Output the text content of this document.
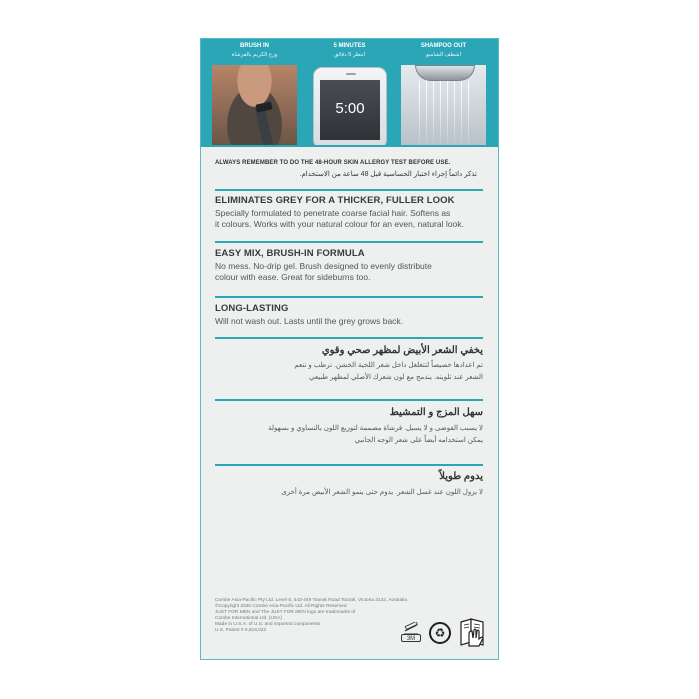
BRUSH IN
وزع الكريم بالفرشاة
5 MINUTES
انتظر 5 دقائق
SHAMPOO OUT
اشطف الشامبو
5:00
ALWAYS REMEMBER TO DO THE 48-HOUR SKIN ALLERGY TEST BEFORE USE.
تذكر دائماً إجراء اختبار الحساسية قبل 48 ساعة من الاستخدام.
ELIMINATES GREY FOR A THICKER, FULLER LOOK
Specially formulated to penetrate coarse facial hair. Softens as
it colours. Works with your natural colour for an even, natural look.
EASY MIX, BRUSH-IN FORMULA
No mess. No-drip gel. Brush designed to evenly distribute
colour with ease. Great for sideburns too.
LONG-LASTING
Will not wash out. Lasts until the grey grows back.
يخفي الشعر الأبيض لمظهر صحي وقوي
تم اعدادها خصيصاً لتتغلغل داخل شعر اللحية الخشن. ترطب و تنعم
الشعر عند تلوينه. يندمج مع لون شعرك الأصلي لمظهر طبيعي
سهل المزج و التمشيط
لا يسبب الفوضى و لا يسيل. فرشاة مصممة لتوزيع اللون بالتساوي و بسهولة
يمكن استخدامه أيضاً على شعر الوجه الجانبي
يدوم طويلاً
لا يزول اللون عند غسل الشعر. يدوم حتى ينمو الشعر الأبيض مرة أخرى
Combe Asia-Pacific Pty Ltd. Level 8, 443-449 Toorak Road Toorak, Victoria 3142, Australia
©Copyright 2020 Combe Asia-Pacific Ltd. All Rights Reserved
JUST FOR MEN and The JUST FOR MEN logo are trademarks of
Combe International Ltd. (USA)
Made in U.S.A. of U.S. and imported components
U.S. Patent # 6,818,022
3M	♻
